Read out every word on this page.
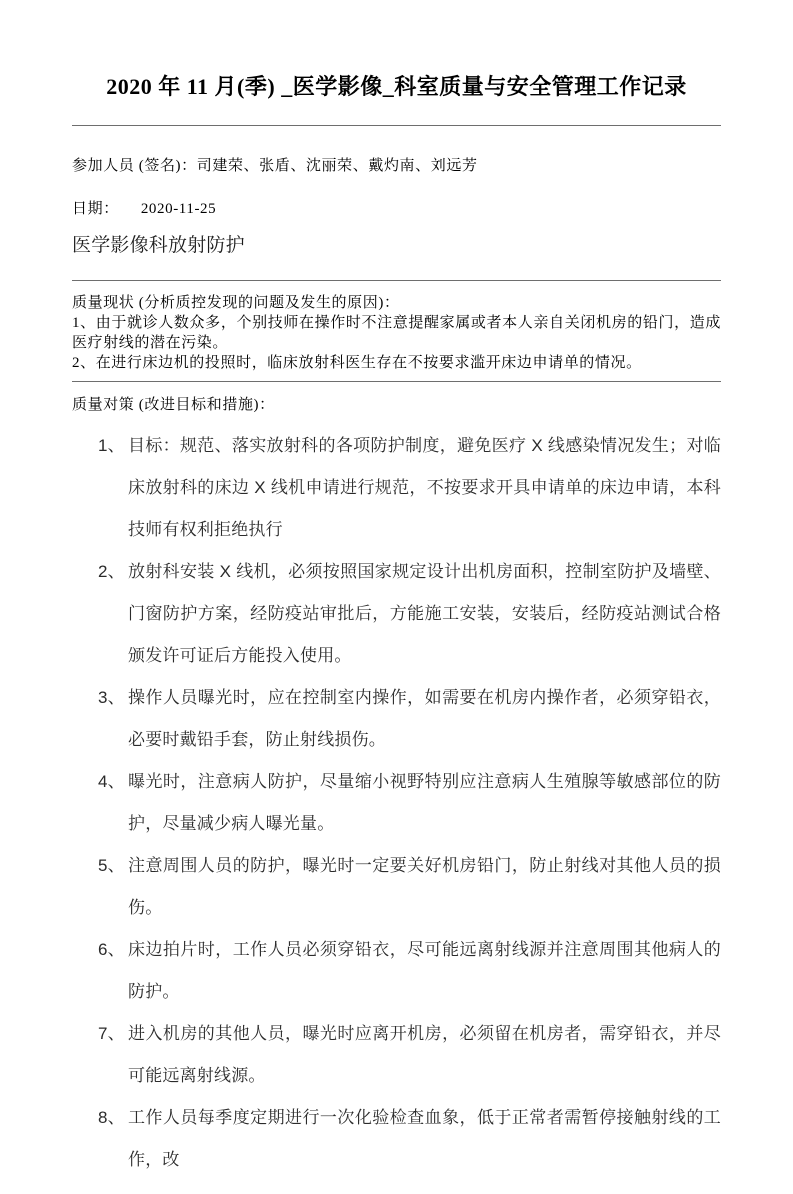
2020 年 11 月(季) _医学影像_科室质量与安全管理工作记录

参加人员 (签名)：司建荣、张盾、沈丽荣、戴灼南、刘远芳

日期： 2020-11-25

医学影像科放射防护

质量现状 (分析质控发现的问题及发生的原因)：

1、由于就诊人数众多，个别技师在操作时不注意提醒家属或者本人亲自关闭机房的铅门，造成医疗射线的潜在污染。

2、在进行床边机的投照时，临床放射科医生存在不按要求滥开床边申请单的情况。

质量对策 (改进目标和措施)：

1、 目标：规范、落实放射科的各项防护制度，避免医疗 X 线感染情况发生；对临床放射科的床边 X 线机申请进行规范，不按要求开具申请单的床边申请，本科技师有权利拒绝执行
2、 放射科安装 X 线机，必须按照国家规定设计出机房面积，控制室防护及墙壁、门窗防护方案，经防疫站审批后，方能施工安装，安装后，经防疫站测试合格颁发许可证后方能投入使用。
3、 操作人员曝光时，应在控制室内操作，如需要在机房内操作者，必须穿铅衣，必要时戴铅手套，防止射线损伤。
4、 曝光时，注意病人防护，尽量缩小视野特别应注意病人生殖腺等敏感部位的防护，尽量减少病人曝光量。
5、 注意周围人员的防护，曝光时一定要关好机房铅门，防止射线对其他人员的损伤。
6、 床边拍片时，工作人员必须穿铅衣，尽可能远离射线源并注意周围其他病人的防护。
7、 进入机房的其他人员，曝光时应离开机房，必须留在机房者，需穿铅衣，并尽可能远离射线源。
8、 工作人员每季度定期进行一次化验检查血象，低于正常者需暂停接触射线的工作，改
